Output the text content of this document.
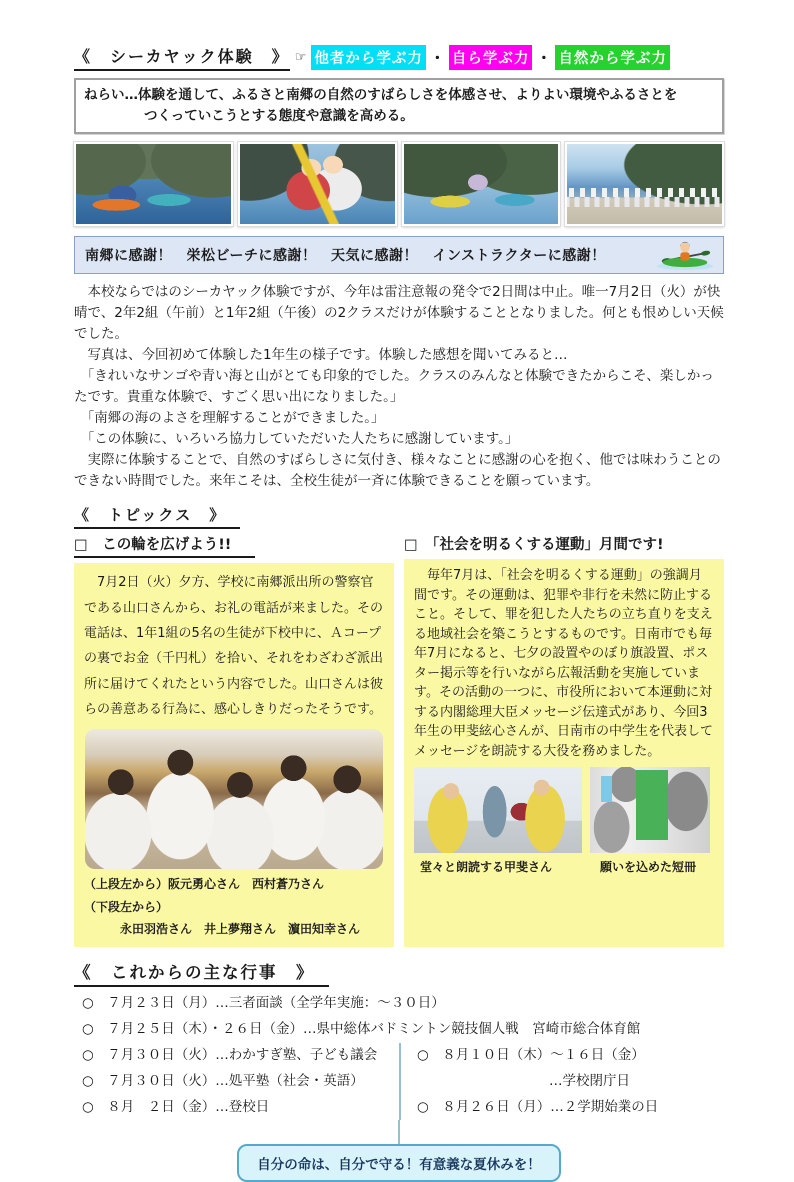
《　シーカヤック体験　》 ☞ 他者から学ぶ力 ・ 自ら学ぶ力 ・ 自然から学ぶ力
ねらい…体験を通して、ふるさと南郷の自然のすばらしさを体感させ、よりよい環境やふるさとを
つくっていこうとする態度や意識を高める。
南郷に感謝！　栄松ビーチに感謝！　天気に感謝！　インストラクターに感謝！

　本校ならではのシーカヤック体験ですが、今年は雷注意報の発令で2日間は中止。唯一7月2日（火）が快晴で、2年2組（午前）と1年2組（午後）の2クラスだけが体験することとなりました。何とも恨めしい天候でした。

　写真は、今回初めて体験した1年生の様子です。体験した感想を聞いてみると…

　「きれいなサンゴや青い海と山がとても印象的でした。クラスのみんなと体験できたからこそ、楽しかったです。貴重な体験で、すごく思い出になりました。」

　「南郷の海のよさを理解することができました。」

　「この体験に、いろいろ協力していただいた人たちに感謝しています。」

　実際に体験することで、自然のすばらしさに気付き、様々なことに感謝の心を抱く、他では味わうことのできない時間でした。来年こそは、全校生徒が一斉に体験できることを願っています。

《　トピックス　》
□　この輪を広げよう!!
　7月2日（火）夕方、学校に南郷派出所の警察官である山口さんから、お礼の電話が来ました。その電話は、1年1組の5名の生徒が下校中に、Ａコープの裏でお金（千円札）を拾い、それをわざわざ派出所に届けてくれたという内容でした。山口さんは彼らの善意ある行為に、感心しきりだったそうです。
（上段左から）阪元勇心さん　西村蒼乃さん
（下段左から）
　　　永田羽浩さん　井上夢翔さん　濵田知幸さん
□　「社会を明るくする運動」月間です!
　毎年7月は、「社会を明るくする運動」の強調月間です。その運動は、犯罪や非行を未然に防止すること。そして、罪を犯した人たちの立ち直りを支える地域社会を築こうとするものです。日南市でも毎年7月になると、七夕の設置やのぼり旗設置、ポスター掲示等を行いながら広報活動を実施しています。その活動の一つに、市役所において本運動に対する内閣総理大臣メッセージ伝達式があり、今回3年生の甲斐絃心さんが、日南市の中学生を代表してメッセージを朗読する大役を務めました。
堂々と朗読する甲斐さん	願いを込めた短冊
《　これからの主な行事　》
○　７月２３日（月）…三者面談（全学年実施：～３０日）
○　７月２５日（木）・２６日（金）…県中総体バドミントン競技個人戦　宮崎市総合体育館
○　７月３０日（火）…わかすぎ塾、子ども議会
○　７月３０日（火）…処平塾（社会・英語）
○　８月　２日（金）…登校日
○　８月１０日（木）～１６日（金）
…学校閉庁日
○　８月２６日（月）…２学期始業の日
自分の命は、自分で守る！有意義な夏休みを！
